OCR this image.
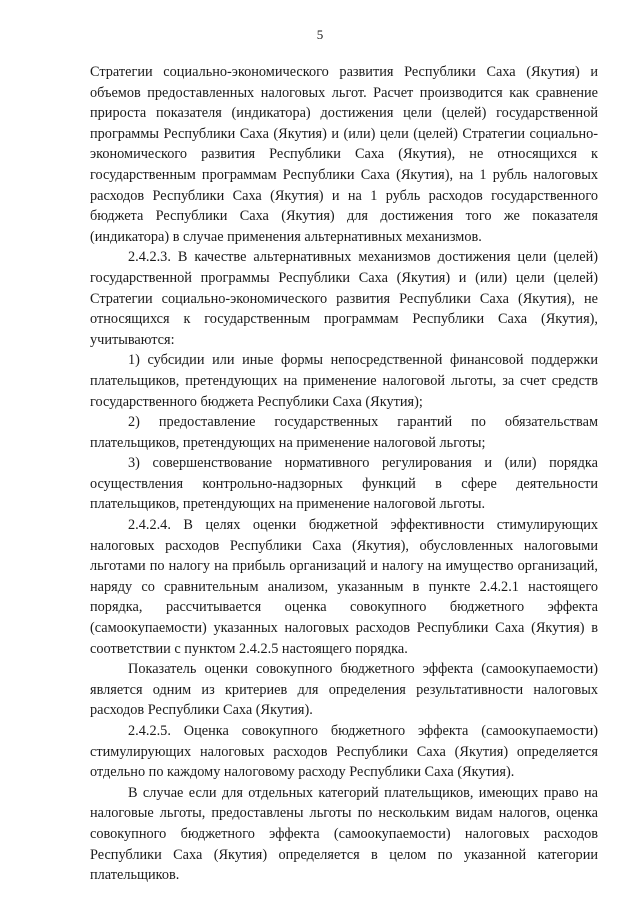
5

Стратегии социально-экономического развития Республики Саха (Якутия) и объемов предоставленных налоговых льгот. Расчет производится как сравнение прироста показателя (индикатора) достижения цели (целей) государственной программы Республики Саха (Якутия) и (или) цели (целей) Стратегии социально-экономического развития Республики Саха (Якутия), не относящихся к государственным программам Республики Саха (Якутия), на 1 рубль налоговых расходов Республики Саха (Якутия) и на 1 рубль расходов государственного бюджета Республики Саха (Якутия) для достижения того же показателя (индикатора) в случае применения альтернативных механизмов.

2.4.2.3. В качестве альтернативных механизмов достижения цели (целей) государственной программы Республики Саха (Якутия) и (или) цели (целей) Стратегии социально-экономического развития Республики Саха (Якутия), не относящихся к государственным программам Республики Саха (Якутия), учитываются:

1) субсидии или иные формы непосредственной финансовой поддержки плательщиков, претендующих на применение налоговой льготы, за счет средств государственного бюджета Республики Саха (Якутия);

2) предоставление государственных гарантий по обязательствам плательщиков, претендующих на применение налоговой льготы;

3) совершенствование нормативного регулирования и (или) порядка осуществления контрольно-надзорных функций в сфере деятельности плательщиков, претендующих на применение налоговой льготы.

2.4.2.4. В целях оценки бюджетной эффективности стимулирующих налоговых расходов Республики Саха (Якутия), обусловленных налоговыми льготами по налогу на прибыль организаций и налогу на имущество организаций, наряду со сравнительным анализом, указанным в пункте 2.4.2.1 настоящего порядка, рассчитывается оценка совокупного бюджетного эффекта (самоокупаемости) указанных налоговых расходов Республики Саха (Якутия) в соответствии с пунктом 2.4.2.5 настоящего порядка.

Показатель оценки совокупного бюджетного эффекта (самоокупаемости) является одним из критериев для определения результативности налоговых расходов Республики Саха (Якутия).

2.4.2.5. Оценка совокупного бюджетного эффекта (самоокупаемости) стимулирующих налоговых расходов Республики Саха (Якутия) определяется отдельно по каждому налоговому расходу Республики Саха (Якутия).

В случае если для отдельных категорий плательщиков, имеющих право на налоговые льготы, предоставлены льготы по нескольким видам налогов, оценка совокупного бюджетного эффекта (самоокупаемости) налоговых расходов Республики Саха (Якутия) определяется в целом по указанной категории плательщиков.
